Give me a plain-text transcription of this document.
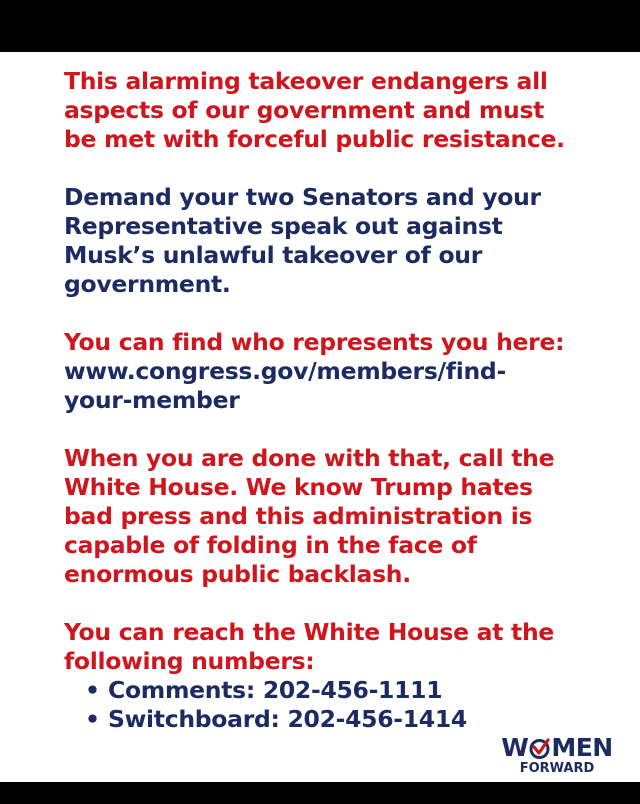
This alarming takeover endangers all
aspects of our government and must
be met with forceful public resistance.

Demand your two Senators and your
Representative speak out against
Musk’s unlawful takeover of our
government.

You can find who represents you here:
www.congress.gov/members/find-
your-member

When you are done with that, call the
White House. We know Trump hates
bad press and this administration is
capable of folding in the face of
enormous public backlash.

You can reach the White House at the
following numbers:

• Comments: 202-456-1111
• Switchboard: 202-456-1414
W MEN
FORWARD
